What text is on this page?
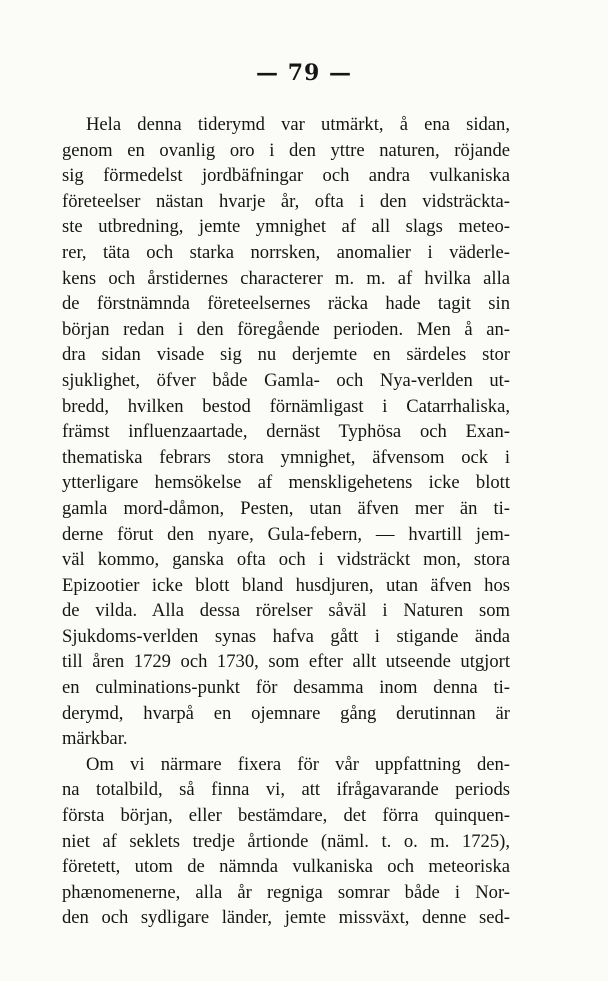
— 79 —
Hela denna tiderymd var utmärkt, å ena sidan,
genom en ovanlig oro i den yttre naturen, röjande
sig förmedelst jordbäfningar och andra vulkaniska
företeelser nästan hvarje år, ofta i den vidsträckta-
ste utbredning, jemte ymnighet af all slags meteo-
rer, täta och starka norrsken, anomalier i väderle-
kens och årstidernes characterer m. m. af hvilka alla
de förstnämnda företeelsernes räcka hade tagit sin
början redan i den föregående perioden. Men å an-
dra sidan visade sig nu derjemte en särdeles stor
sjuklighet, öfver både Gamla- och Nya-verlden ut-
bredd, hvilken bestod förnämligast i Catarrhaliska,
främst influenzaartade, dernäst Typhösa och Exan-
thematiska febrars stora ymnighet, äfvensom ock i
ytterligare hemsökelse af menskligehetens icke blott
gamla mord-dåmon, Pesten, utan äfven mer än ti-
derne förut den nyare, Gula-febern, — hvartill jem-
väl kommo, ganska ofta och i vidsträckt mon, stora
Epizootier icke blott bland husdjuren, utan äfven hos
de vilda. Alla dessa rörelser såväl i Naturen som
Sjukdoms-verlden synas hafva gått i stigande ända
till åren 1729 och 1730, som efter allt utseende utgjort
en culminations-punkt för desamma inom denna ti-
derymd, hvarpå en ojemnare gång derutinnan är
märkbar.
Om vi närmare fixera för vår uppfattning den-
na totalbild, så finna vi, att ifrågavarande periods
första början, eller bestämdare, det förra quinquen-
niet af seklets tredje årtionde (näml. t. o. m. 1725),
företett, utom de nämnda vulkaniska och meteoriska
phænomenerne, alla år regniga somrar både i Nor-
den och sydligare länder, jemte missväxt, denne sed-
